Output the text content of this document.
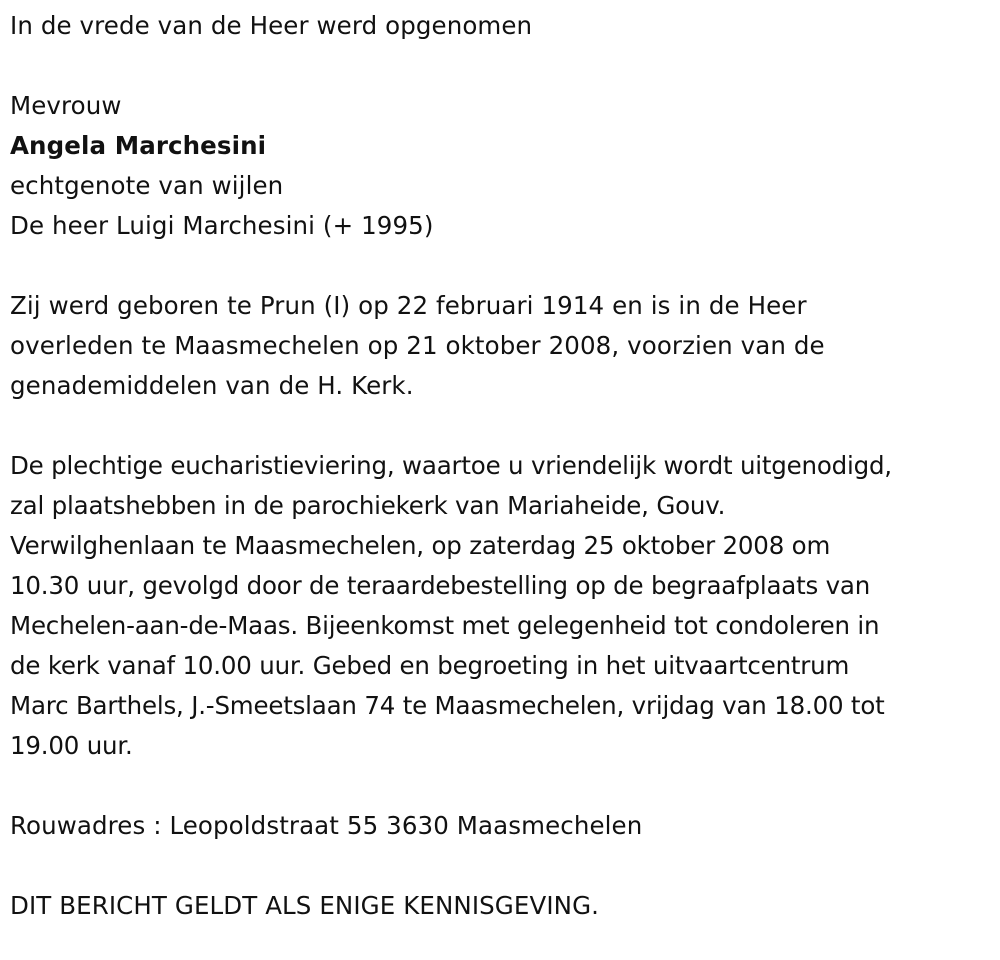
In de vrede van de Heer werd opgenomen
Mevrouw
Angela Marchesini
echtgenote van wijlen
De heer Luigi Marchesini (+ 1995)
Zij werd geboren te Prun (I) op 22 februari 1914 en is in de Heer
overleden te Maasmechelen op 21 oktober 2008, voorzien van de
genademiddelen van de H. Kerk.
De plechtige eucharistieviering, waartoe u vriendelijk wordt uitgenodigd,
zal plaatshebben in de parochiekerk van Mariaheide, Gouv.
Verwilghenlaan te Maasmechelen, op zaterdag 25 oktober 2008 om
10.30 uur, gevolgd door de teraardebestelling op de begraafplaats van
Mechelen-aan-de-Maas. Bijeenkomst met gelegenheid tot condoleren in
de kerk vanaf 10.00 uur. Gebed en begroeting in het uitvaartcentrum
Marc Barthels, J.-Smeetslaan 74 te Maasmechelen, vrijdag van 18.00 tot
19.00 uur.
Rouwadres : Leopoldstraat 55 3630 Maasmechelen
DIT BERICHT GELDT ALS ENIGE KENNISGEVING.
